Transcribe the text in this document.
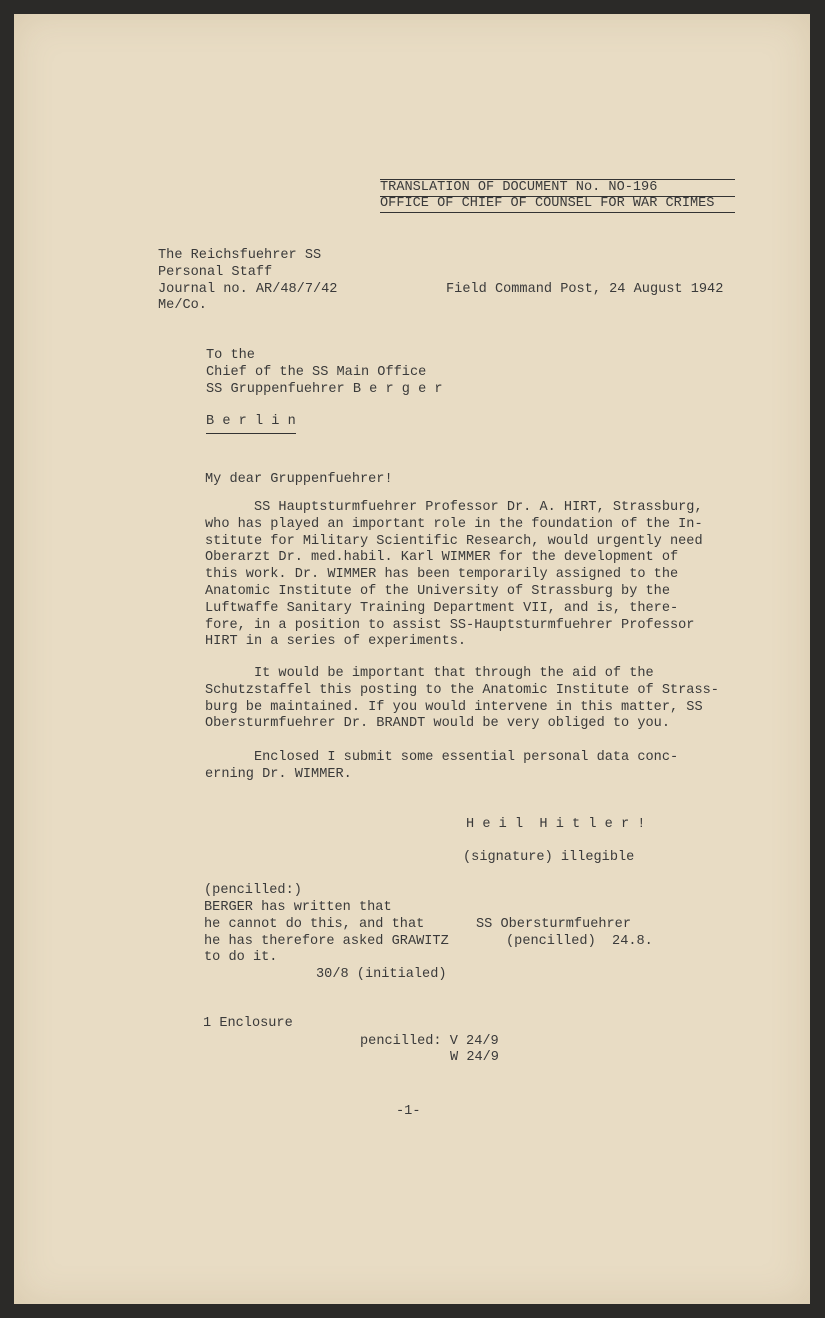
TRANSLATION OF DOCUMENT No. NO-196
OFFICE OF CHIEF OF COUNSEL FOR WAR CRIMES
The Reichsfuehrer SS
Personal Staff
Journal no. AR/48/7/42
Me/Co.
Field Command Post, 24 August 1942
To the
Chief of the SS Main Office
SS Gruppenfuehrer B e r g e r
B e r l i n
My dear Gruppenfuehrer!
SS Hauptsturmfuehrer Professor Dr. A. HIRT, Strassburg,
who has played an important role in the foundation of the In-
stitute for Military Scientific Research, would urgently need
Oberarzt Dr. med.habil. Karl WIMMER for the development of
this work. Dr. WIMMER has been temporarily assigned to the
Anatomic Institute of the University of Strassburg by the
Luftwaffe Sanitary Training Department VII, and is, there-
fore, in a position to assist SS-Hauptsturmfuehrer Professor
HIRT in a series of experiments.
It would be important that through the aid of the
Schutzstaffel this posting to the Anatomic Institute of Strass-
burg be maintained. If you would intervene in this matter, SS
Obersturmfuehrer Dr. BRANDT would be very obliged to you.
Enclosed I submit some essential personal data conc-
erning Dr. WIMMER.
H e i l  H i t l e r !
(signature) illegible
(pencilled:)
BERGER has written that
he cannot do this, and that
he has therefore asked GRAWITZ
to do it.
30/8 (initialed)
SS Obersturmfuehrer
(pencilled)  24.8.
1 Enclosure
pencilled: V 24/9
W 24/9
-1-
